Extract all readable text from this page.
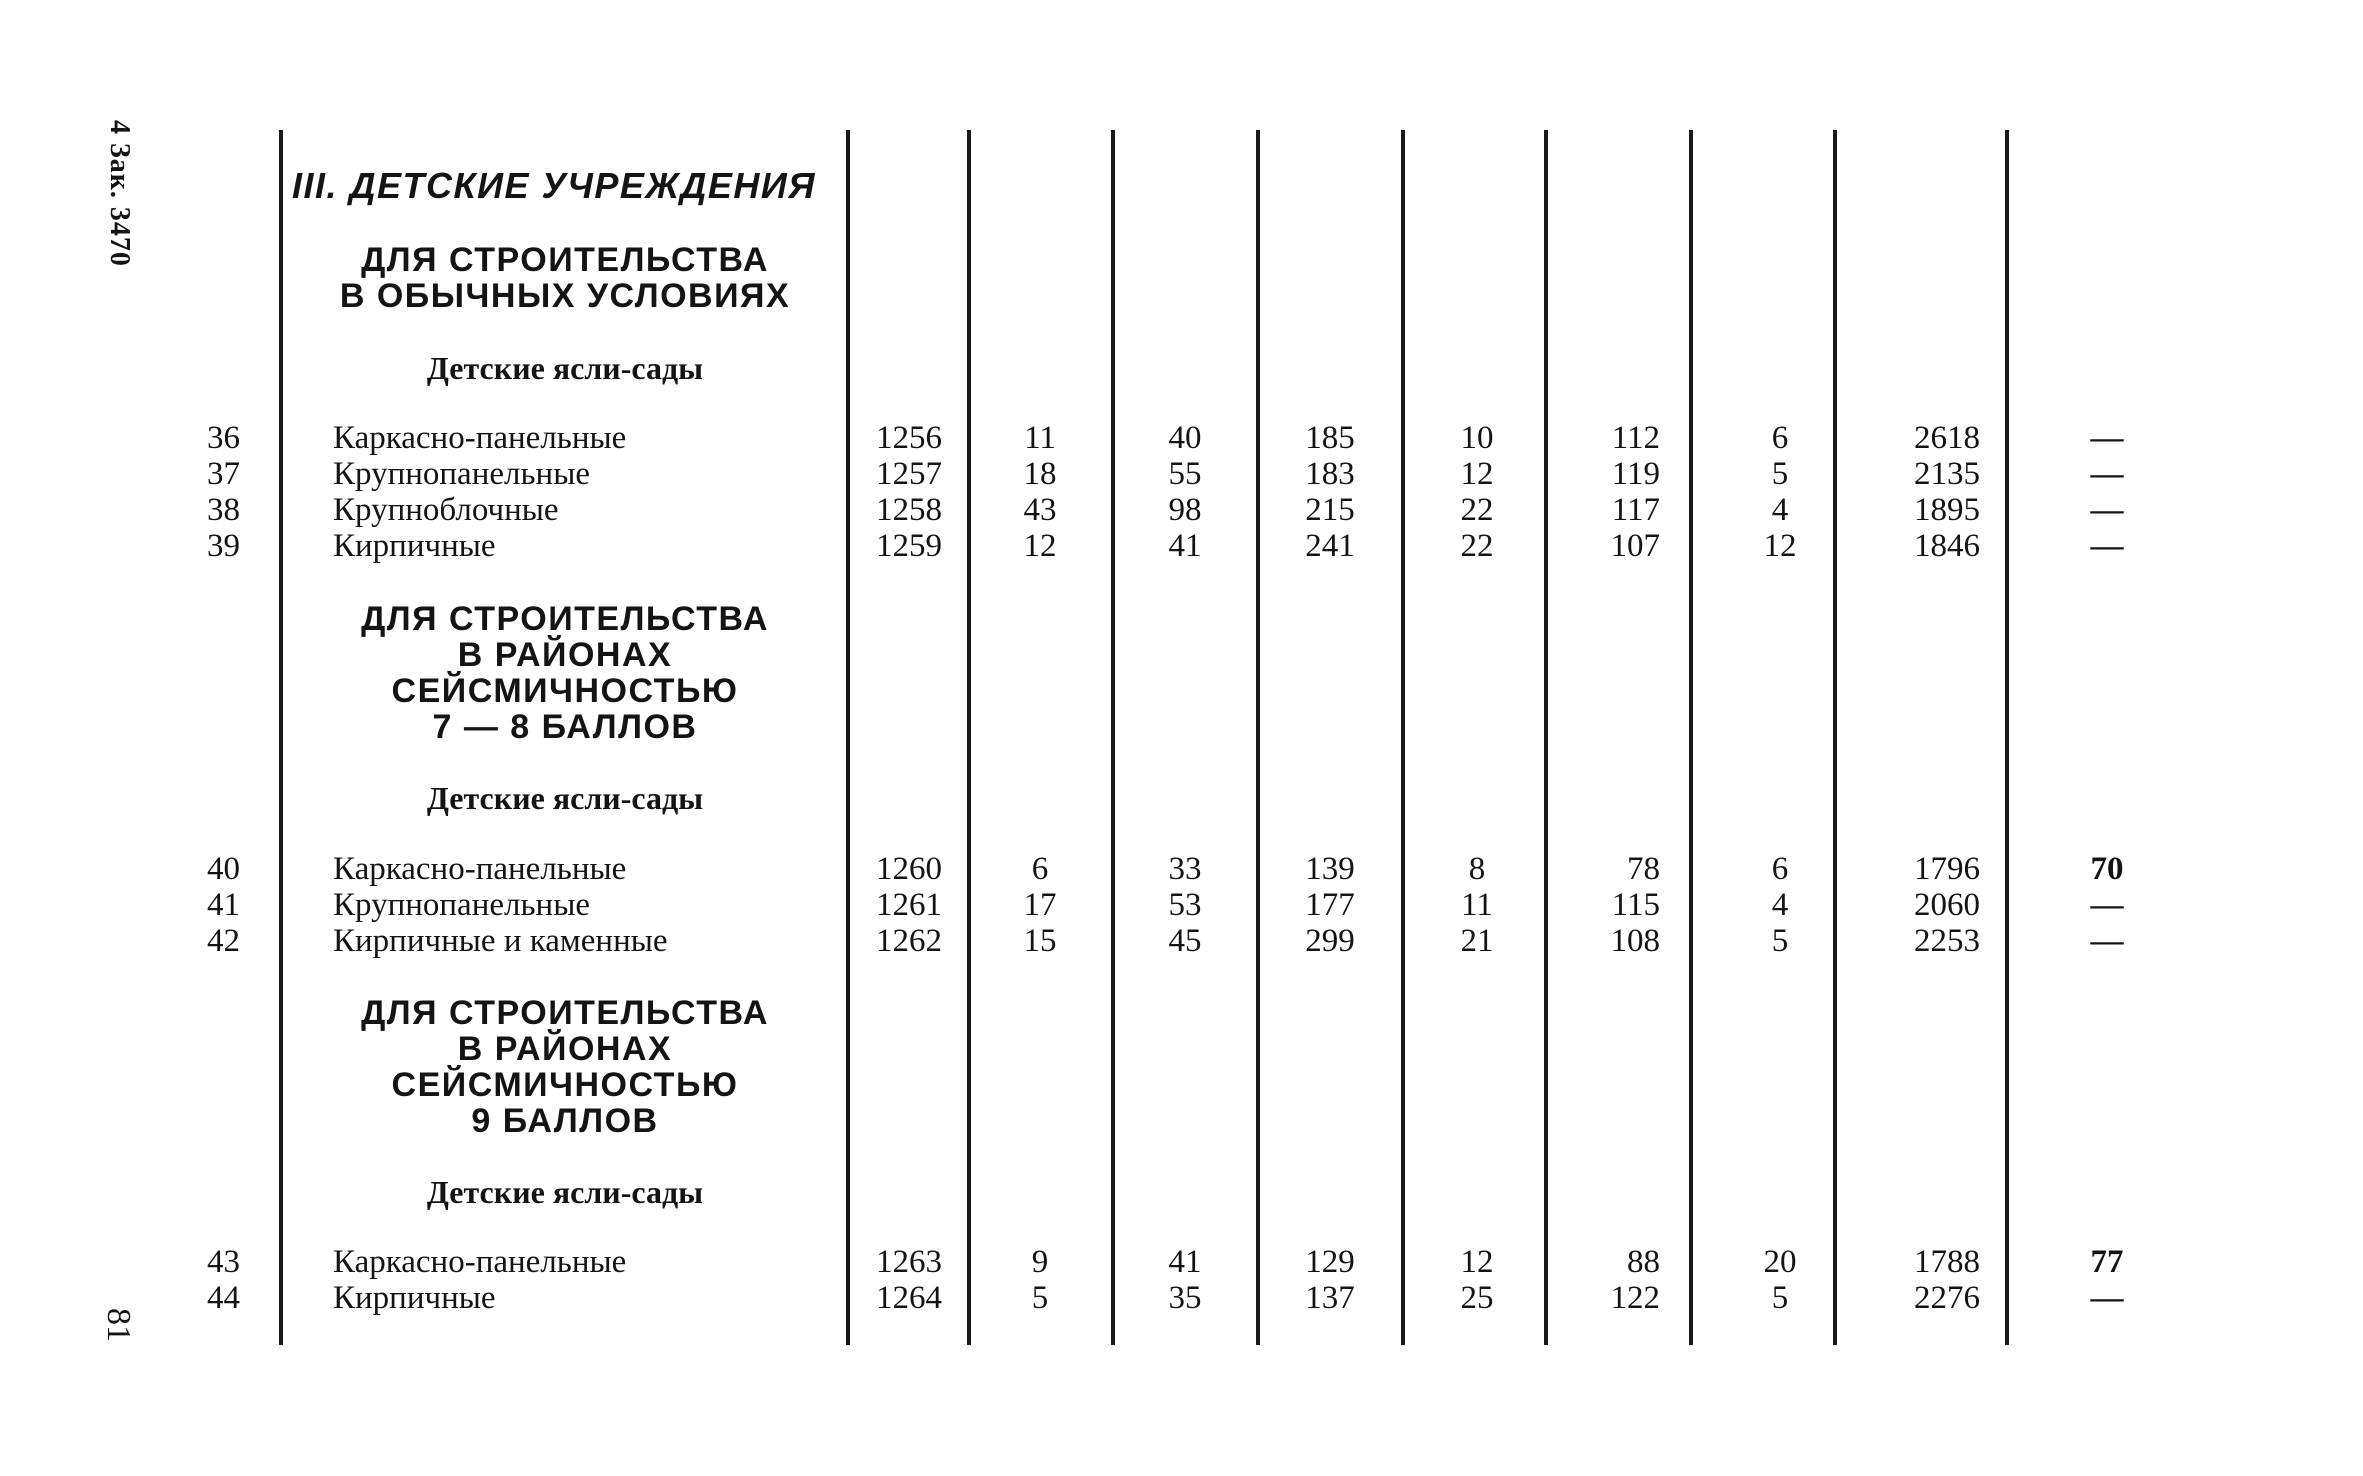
4 Зак. 3470
81
III. ДЕТСКИЕ УЧРЕЖДЕНИЯ
ДЛЯ СТРОИТЕЛЬСТВА
В ОБЫЧНЫХ УСЛОВИЯХ
Детские ясли-сады
36	Каркасно-панельные	1256	11	40	185	10	112	6	2618	—
37	Крупнопанельные	1257	18	55	183	12	119	5	2135	—
38	Крупноблочные	1258	43	98	215	22	117	4	1895	—
39	Кирпичные	1259	12	41	241	22	107	12	1846	—
ДЛЯ СТРОИТЕЛЬСТВА
В РАЙОНАХ
СЕЙСМИЧНОСТЬЮ
7 — 8 БАЛЛОВ
Детские ясли-сады
40	Каркасно-панельные	1260	6	33	139	8	78	6	1796	70
41	Крупнопанельные	1261	17	53	177	11	115	4	2060	—
42	Кирпичные и каменные	1262	15	45	299	21	108	5	2253	—
ДЛЯ СТРОИТЕЛЬСТВА
В РАЙОНАХ
СЕЙСМИЧНОСТЬЮ
9 БАЛЛОВ
Детские ясли-сады
43	Каркасно-панельные	1263	9	41	129	12	88	20	1788	77
44	Кирпичные	1264	5	35	137	25	122	5	2276	—
